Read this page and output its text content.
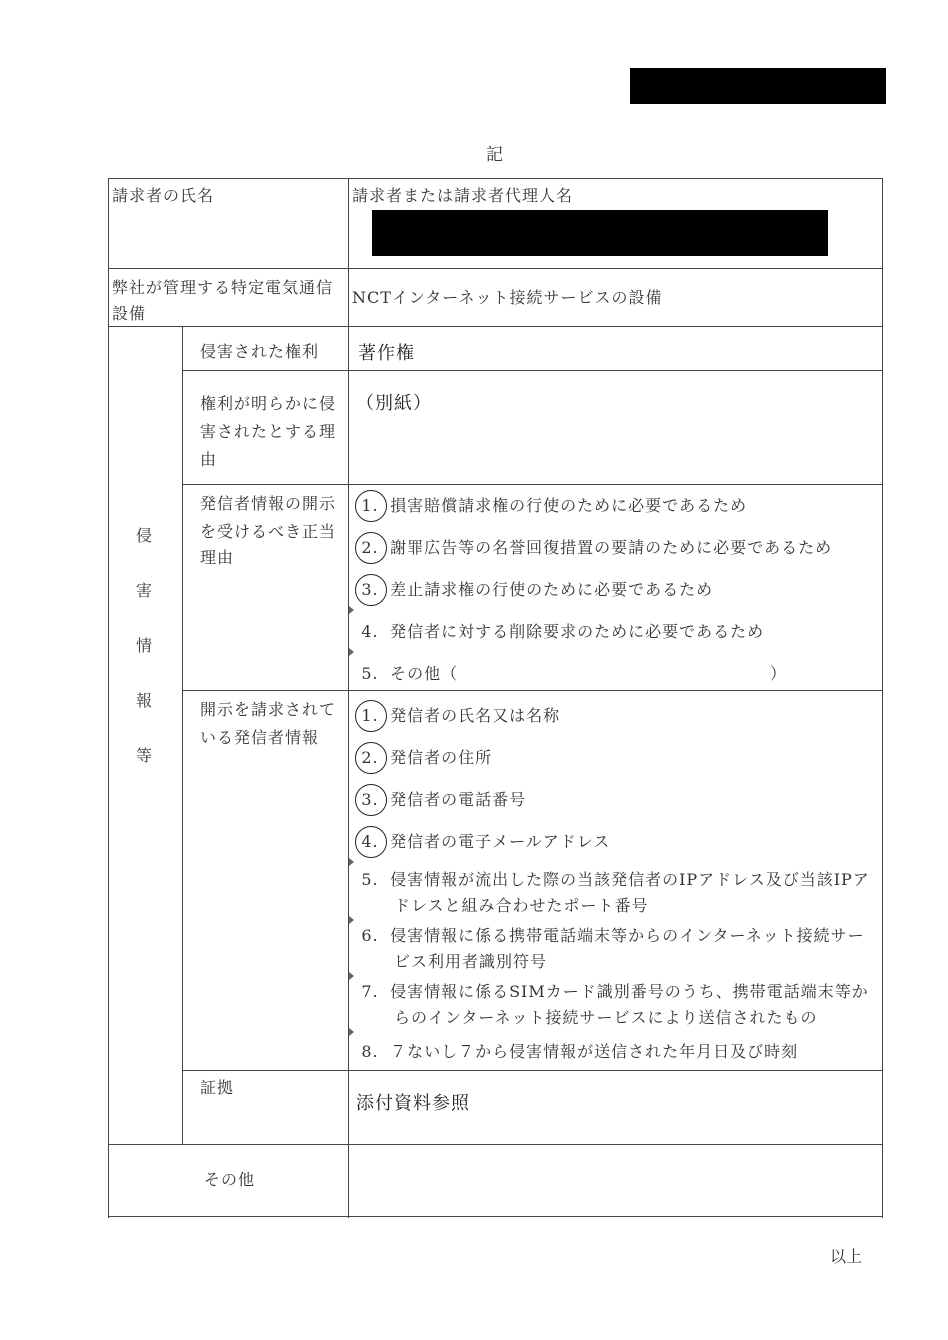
記
請求者の氏名	請求者または請求者代理人名
弊社が管理する特定電気通信
設備
NCTインターネット接続サービスの設備
侵
害
情
報
等
侵害された権利 著作権
権利が明らかに侵
害されたとする理
由
（別紙）
発信者情報の開示
を受けるべき正当
理由
1. 損害賠償請求権の行使のために必要であるため
2. 謝罪広告等の名誉回復措置の要請のために必要であるため
3. 差止請求権の行使のために必要であるため
4. 発信者に対する削除要求のために必要であるため
5. その他（	）
開示を請求されて
いる発信者情報
1. 発信者の氏名又は名称
2. 発信者の住所
3. 発信者の電話番号
4. 発信者の電子メールアドレス
5. 侵害情報が流出した際の当該発信者のIPアドレス及び当該IPア
ドレスと組み合わせたポート番号
6. 侵害情報に係る携帯電話端末等からのインターネット接続サー
ビス利用者識別符号
7. 侵害情報に係るSIMカード識別番号のうち、携帯電話端末等か
らのインターネット接続サービスにより送信されたもの
8. ７ないし７から侵害情報が送信された年月日及び時刻
証拠
添付資料参照
その他
以上
